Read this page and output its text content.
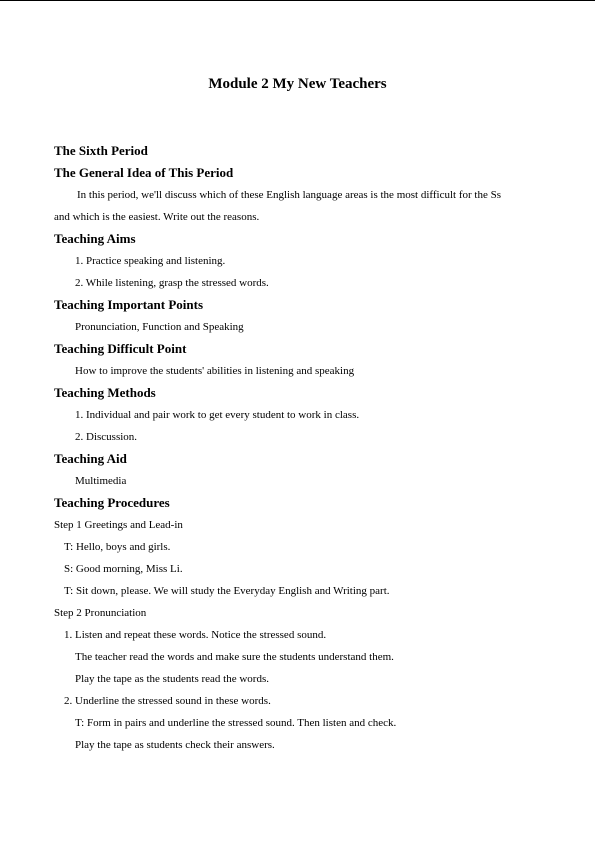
Module 2 My New Teachers
The Sixth Period
The General Idea of This Period
In this period, we'll discuss which of these English language areas is the most difficult for the Ss
and which is the easiest. Write out the reasons.
Teaching Aims
1. Practice speaking and listening.
2. While listening, grasp the stressed words.
Teaching Important Points
Pronunciation, Function and Speaking
Teaching Difficult Point
How to improve the students' abilities in listening and speaking
Teaching Methods
1. Individual and pair work to get every student to work in class.
2. Discussion.
Teaching Aid
Multimedia
Teaching Procedures
Step 1 Greetings and Lead-in
T: Hello, boys and girls.
S: Good morning, Miss Li.
T: Sit down, please. We will study the Everyday English and Writing part.
Step 2 Pronunciation
1. Listen and repeat these words. Notice the stressed sound.
The teacher read the words and make sure the students understand them.
Play the tape as the students read the words.
2. Underline the stressed sound in these words.
T: Form in pairs and underline the stressed sound. Then listen and check.
Play the tape as students check their answers.
